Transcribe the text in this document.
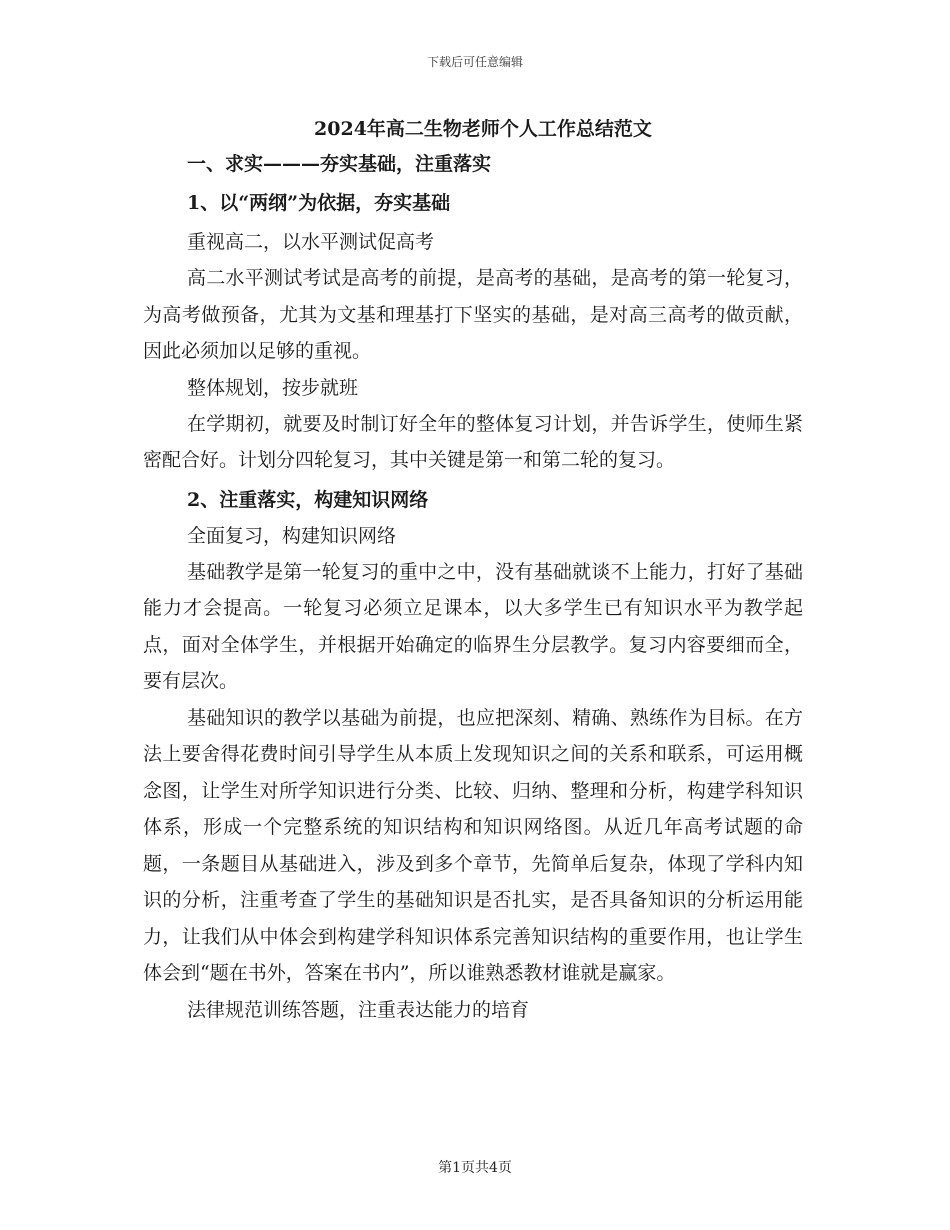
下载后可任意编辑

2024年高二生物老师个人工作总结范文

一、求实———夯实基础，注重落实

1、以“两纲”为依据，夯实基础

重视高二，以水平测试促高考

高二水平测试考试是高考的前提，是高考的基础，是高考的第一轮复习，为高考做预备，尤其为文基和理基打下坚实的基础，是对高三高考的做贡献，因此必须加以足够的重视。

整体规划，按步就班

在学期初，就要及时制订好全年的整体复习计划，并告诉学生，使师生紧密配合好。计划分四轮复习，其中关键是第一和第二轮的复习。

2、注重落实，构建知识网络

全面复习，构建知识网络

基础教学是第一轮复习的重中之中，没有基础就谈不上能力，打好了基础能力才会提高。一轮复习必须立足课本，以大多学生已有知识水平为教学起点，面对全体学生，并根据开始确定的临界生分层教学。复习内容要细而全，要有层次。

基础知识的教学以基础为前提，也应把深刻、精确、熟练作为目标。在方法上要舍得花费时间引导学生从本质上发现知识之间的关系和联系，可运用概念图，让学生对所学知识进行分类、比较、归纳、整理和分析，构建学科知识体系，形成一个完整系统的知识结构和知识网络图。从近几年高考试题的命题，一条题目从基础进入，涉及到多个章节，先简单后复杂，体现了学科内知识的分析，注重考查了学生的基础知识是否扎实，是否具备知识的分析运用能力，让我们从中体会到构建学科知识体系完善知识结构的重要作用，也让学生体会到“题在书外，答案在书内”，所以谁熟悉教材谁就是赢家。

法律规范训练答题，注重表达能力的培育

第1页共4页
